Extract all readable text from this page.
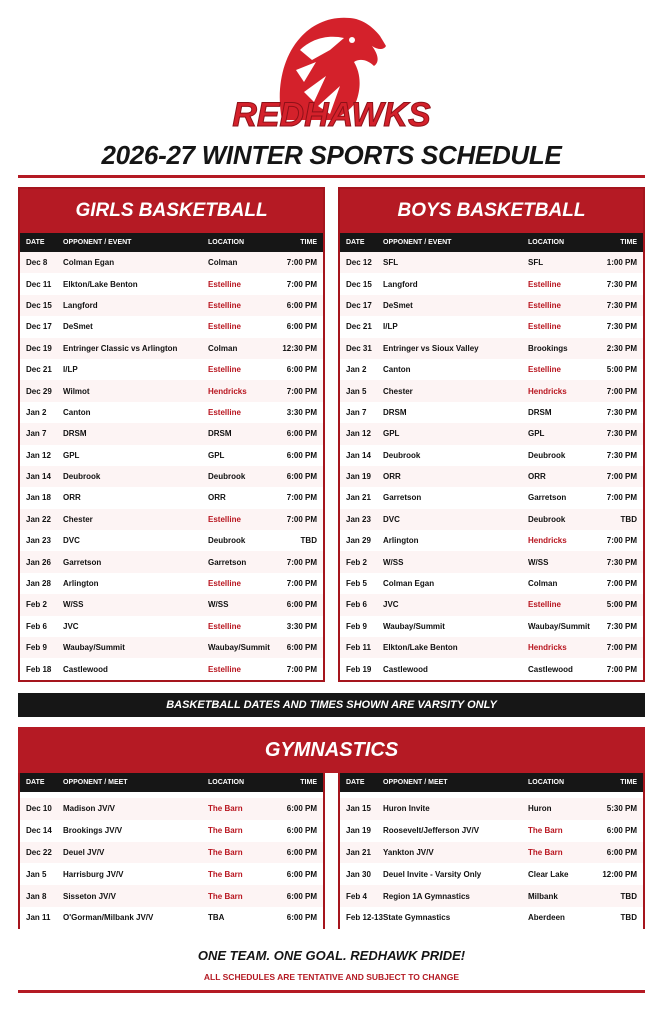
REDHAWKS
2026-27 WINTER SPORTS SCHEDULE
GIRLS BASKETBALL
DATE	OPPONENT / EVENT	LOCATION	TIME
Dec 8	Colman Egan	Colman	7:00 PM
Dec 11	Elkton/Lake Benton	Estelline	7:00 PM
Dec 15	Langford	Estelline	6:00 PM
Dec 17	DeSmet	Estelline	6:00 PM
Dec 19	Entringer Classic vs Arlington	Colman	12:30 PM
Dec 21	I/LP	Estelline	6:00 PM
Dec 29	Wilmot	Hendricks	7:00 PM
Jan 2	Canton	Estelline	3:30 PM
Jan 7	DRSM	DRSM	6:00 PM
Jan 12	GPL	GPL	6:00 PM
Jan 14	Deubrook	Deubrook	6:00 PM
Jan 18	ORR	ORR	7:00 PM
Jan 22	Chester	Estelline	7:00 PM
Jan 23	DVC	Deubrook	TBD
Jan 26	Garretson	Garretson	7:00 PM
Jan 28	Arlington	Estelline	7:00 PM
Feb 2	W/SS	W/SS	6:00 PM
Feb 6	JVC	Estelline	3:30 PM
Feb 9	Waubay/Summit	Waubay/Summit	6:00 PM
Feb 18	Castlewood	Estelline	7:00 PM
BOYS BASKETBALL
DATE	OPPONENT / EVENT	LOCATION	TIME
Dec 12	SFL	SFL	1:00 PM
Dec 15	Langford	Estelline	7:30 PM
Dec 17	DeSmet	Estelline	7:30 PM
Dec 21	I/LP	Estelline	7:30 PM
Dec 31	Entringer vs Sioux Valley	Brookings	2:30 PM
Jan 2	Canton	Estelline	5:00 PM
Jan 5	Chester	Hendricks	7:00 PM
Jan 7	DRSM	DRSM	7:30 PM
Jan 12	GPL	GPL	7:30 PM
Jan 14	Deubrook	Deubrook	7:30 PM
Jan 19	ORR	ORR	7:00 PM
Jan 21	Garretson	Garretson	7:00 PM
Jan 23	DVC	Deubrook	TBD
Jan 29	Arlington	Hendricks	7:00 PM
Feb 2	W/SS	W/SS	7:30 PM
Feb 5	Colman Egan	Colman	7:00 PM
Feb 6	JVC	Estelline	5:00 PM
Feb 9	Waubay/Summit	Waubay/Summit	7:30 PM
Feb 11	Elkton/Lake Benton	Hendricks	7:00 PM
Feb 19	Castlewood	Castlewood	7:00 PM
BASKETBALL DATES AND TIMES SHOWN ARE VARSITY ONLY
GYMNASTICS
DATE	OPPONENT / MEET	LOCATION	TIME
Dec 10	Madison JV/V	The Barn	6:00 PM
Dec 14	Brookings JV/V	The Barn	6:00 PM
Dec 22	Deuel JV/V	The Barn	6:00 PM
Jan 5	Harrisburg JV/V	The Barn	6:00 PM
Jan 8	Sisseton JV/V	The Barn	6:00 PM
Jan 11	O'Gorman/Milbank JV/V	TBA	6:00 PM
DATE	OPPONENT / MEET	LOCATION	TIME
Jan 15	Huron Invite	Huron	5:30 PM
Jan 19	Roosevelt/Jefferson JV/V	The Barn	6:00 PM
Jan 21	Yankton JV/V	The Barn	6:00 PM
Jan 30	Deuel Invite - Varsity Only	Clear Lake	12:00 PM
Feb 4	Region 1A Gymnastics	Milbank	TBD
Feb 12-13 State Gymnastics	Aberdeen	TBD
ONE TEAM. ONE GOAL. REDHAWK PRIDE!
ALL SCHEDULES ARE TENTATIVE AND SUBJECT TO CHANGE
